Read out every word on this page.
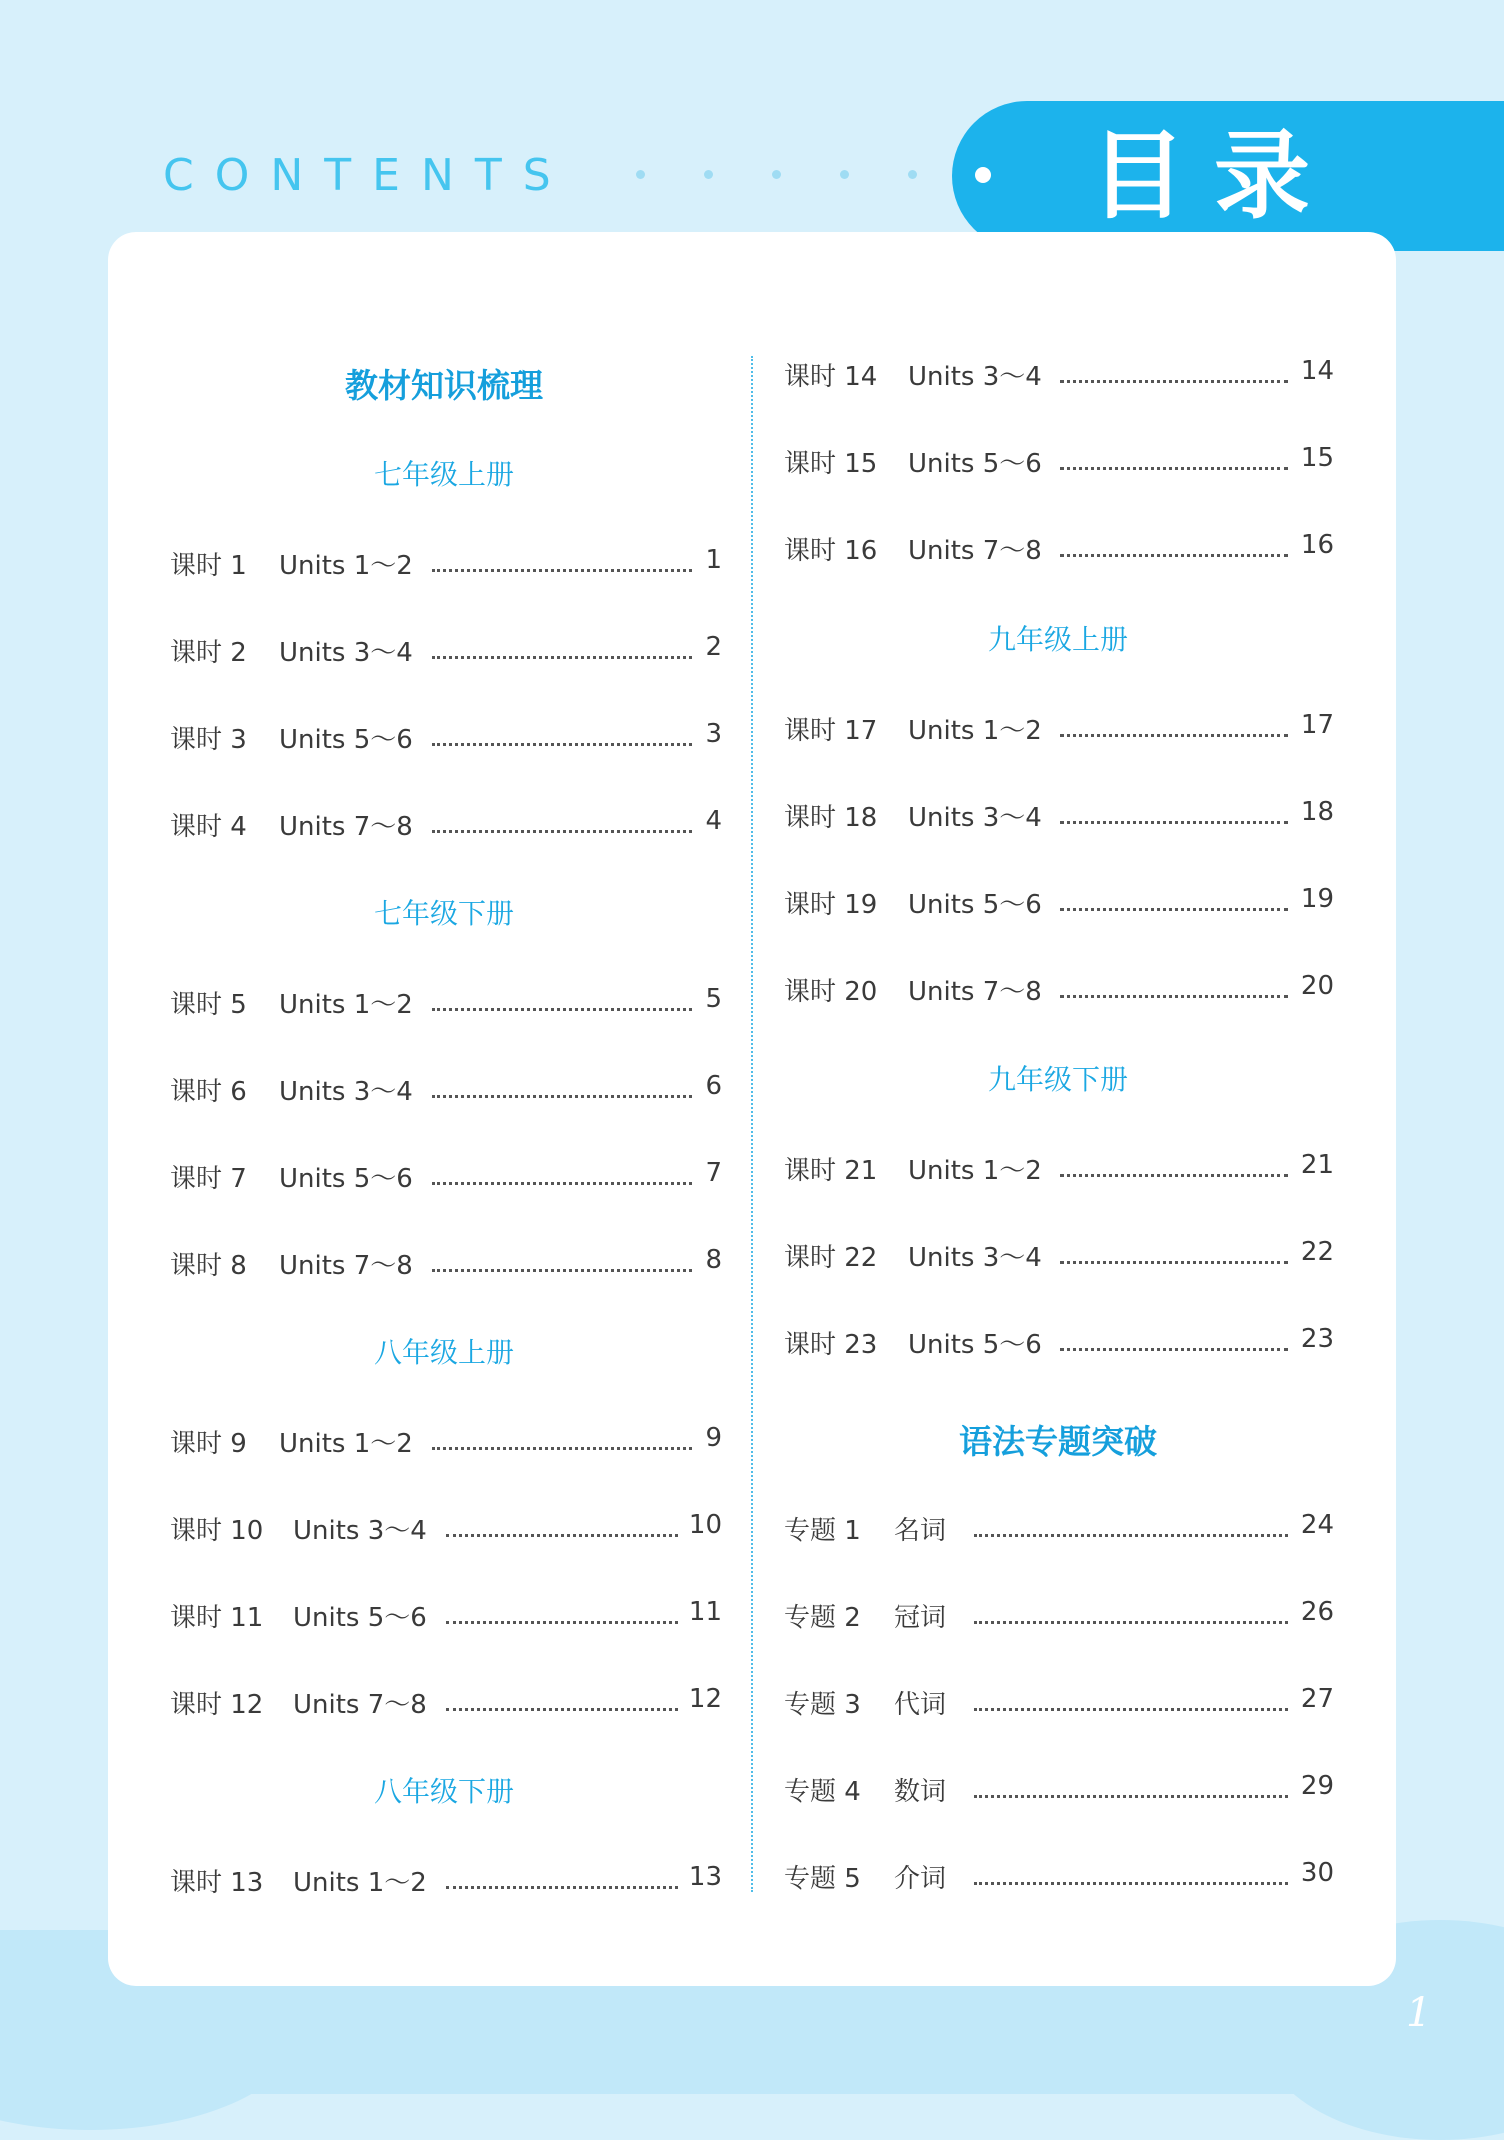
CONTENTS	目录
教材知识梳理
七年级上册
课时 1 Units 1～2	1
课时 2 Units 3～4	2
课时 3 Units 5～6	3
课时 4 Units 7～8	4
七年级下册
课时 5 Units 1～2	5
课时 6 Units 3～4	6
课时 7 Units 5～6	7
课时 8 Units 7～8	8
八年级上册
课时 9 Units 1～2	9
课时 10 Units 3～4	10
课时 11 Units 5～6	11
课时 12 Units 7～8	12
八年级下册
课时 13 Units 1～2	13
课时 14 Units 3～4	14
课时 15 Units 5～6	15
课时 16 Units 7～8	16
九年级上册
课时 17 Units 1～2	17
课时 18 Units 3～4	18
课时 19 Units 5～6	19
课时 20 Units 7～8	20
九年级下册
课时 21 Units 1～2	21
课时 22 Units 3～4	22
课时 23 Units 5～6	23
语法专题突破
专题 1 名词	24
专题 2 冠词	26
专题 3 代词	27
专题 4 数词	29
专题 5 介词	30
1
